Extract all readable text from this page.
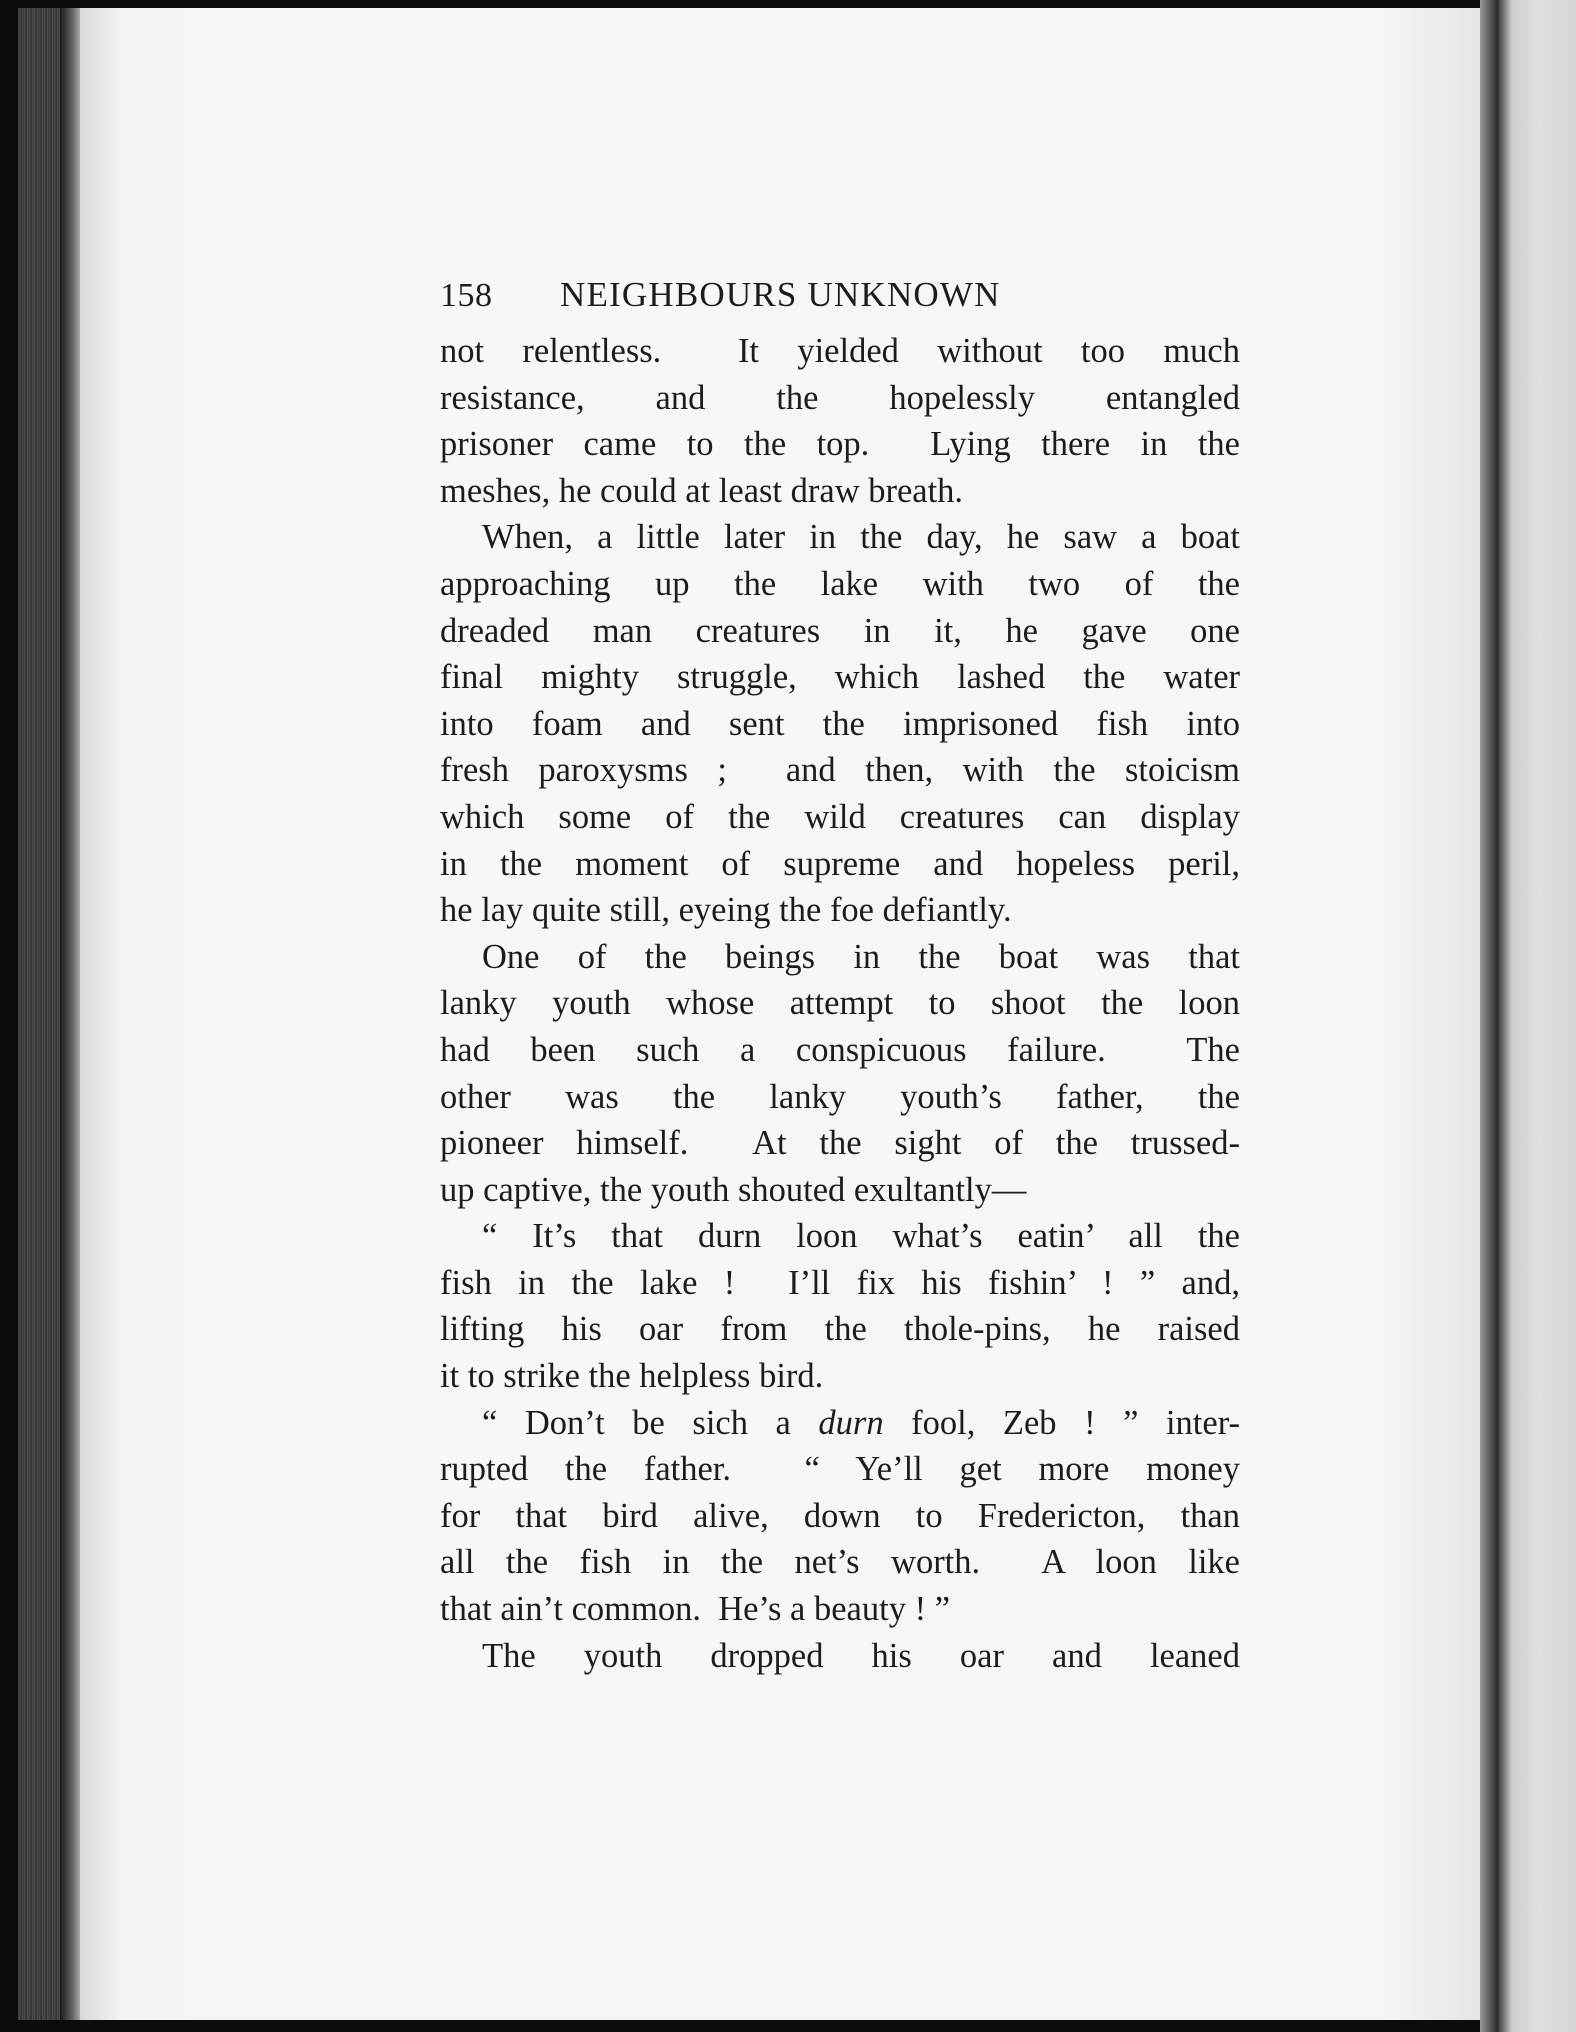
158	NEIGHBOURS UNKNOWN
not relentless.  It yielded without too much
resistance, and the hopelessly entangled
prisoner came to the top.  Lying there in the
meshes, he could at least draw breath.
When, a little later in the day, he saw a boat
approaching up the lake with two of the
dreaded man creatures in it, he gave one
final mighty struggle, which lashed the water
into foam and sent the imprisoned fish into
fresh paroxysms ;  and then, with the stoicism
which some of the wild creatures can display
in the moment of supreme and hopeless peril,
he lay quite still, eyeing the foe defiantly.
One of the beings in the boat was that
lanky youth whose attempt to shoot the loon
had been such a conspicuous failure.  The
other was the lanky youth’s father, the
pioneer himself.  At the sight of the trussed-
up captive, the youth shouted exultantly—
“ It’s that durn loon what’s eatin’ all the
fish in the lake !  I’ll fix his fishin’ ! ” and,
lifting his oar from the thole-pins, he raised
it to strike the helpless bird.
“ Don’t be sich a durn fool, Zeb ! ” inter-
rupted the father.  “ Ye’ll get more money
for that bird alive, down to Fredericton, than
all the fish in the net’s worth.  A loon like
that ain’t common.  He’s a beauty ! ”
The youth dropped his oar and leaned
